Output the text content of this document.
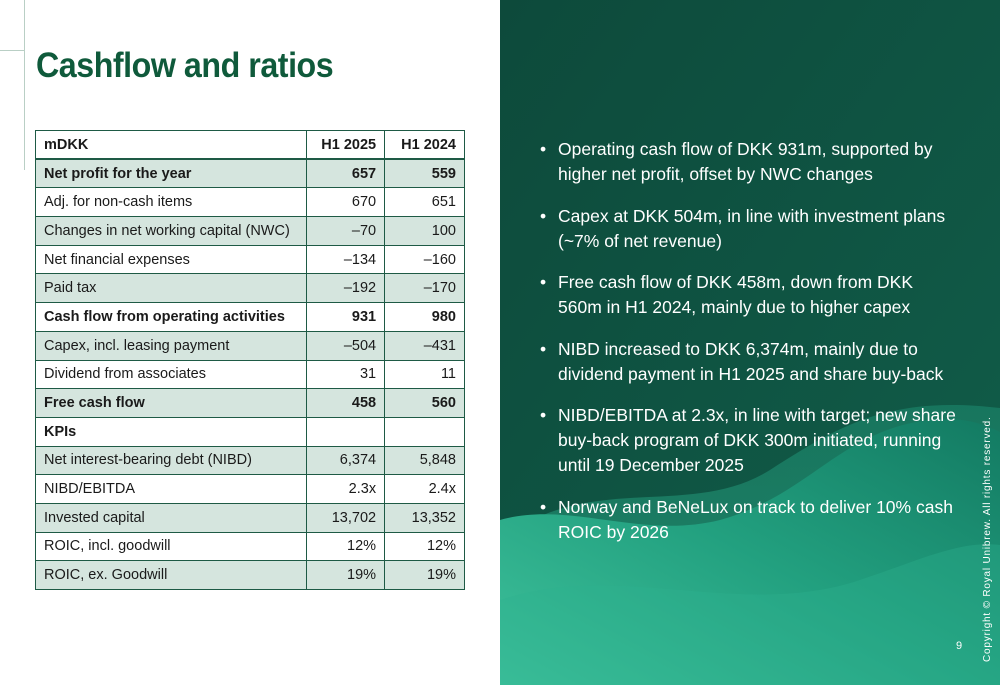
Cashflow and ratios
mDKK	H1 2025	H1 2024
Net profit for the year	657	559
Adj. for non-cash items	670	651
Changes in net working capital (NWC)	–70	100
Net financial expenses	–134	–160
Paid tax	–192	–170
Cash flow from operating activities	931	980
Capex, incl. leasing payment	–504	–431
Dividend from associates	31	11
Free cash flow	458	560
KPIs		
Net interest-bearing debt (NIBD)	6,374	5,848
NIBD/EBITDA	2.3x	2.4x
Invested capital	13,702	13,352
ROIC, incl. goodwill	12%	12%
ROIC, ex. Goodwill	19%	19%
• Operating cash flow of DKK 931m, supported by higher net profit, offset by NWC changes
• Capex at DKK 504m, in line with investment plans (~7% of net revenue)
• Free cash flow of DKK 458m, down from DKK 560m in H1 2024, mainly due to higher capex
• NIBD increased to DKK 6,374m, mainly due to dividend payment in H1 2025 and share buy-back
• NIBD/EBITDA at 2.3x, in line with target; new share buy-back program of DKK 300m initiated, running until 19 December 2025
• Norway and BeNeLux on track to deliver 10% cash ROIC by 2026	Copyright © Royal Unibrew. All rights reserved.
9
